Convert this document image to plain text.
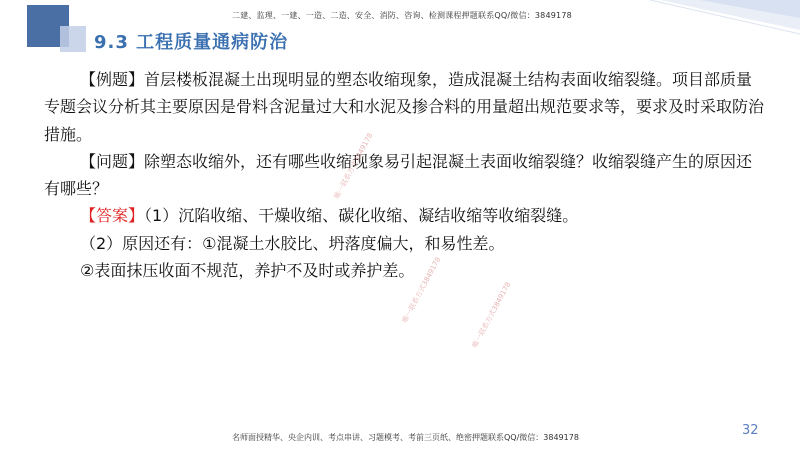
二建、监理、一建、一造、二造、安全、消防、咨询、检测课程押题联系QQ/微信：3849178
9.3 工程质量通病防治

【例题】首层楼板混凝土出现明显的塑态收缩现象，造成混凝土结构表面收缩裂缝。项目部质量专题会议分析其主要原因是骨料含泥量过大和水泥及掺合料的用量超出规范要求等，要求及时采取防治措施。

【问题】除塑态收缩外，还有哪些收缩现象易引起混凝土表面收缩裂缝？收缩裂缝产生的原因还有哪些？

【答案】（1）沉陷收缩、干燥收缩、碳化收缩、凝结收缩等收缩裂缝。

（2）原因还有：①混凝土水胶比、坍落度偏大，和易性差。

②表面抹压收面不规范，养护不及时或养护差。

唯一联系方式3849178
唯一联系方式3849178	唯一联系方式3849178
32
名师面授精华、央企内训、考点串讲、习题模考、考前三页纸、绝密押题联系QQ/微信：3849178
